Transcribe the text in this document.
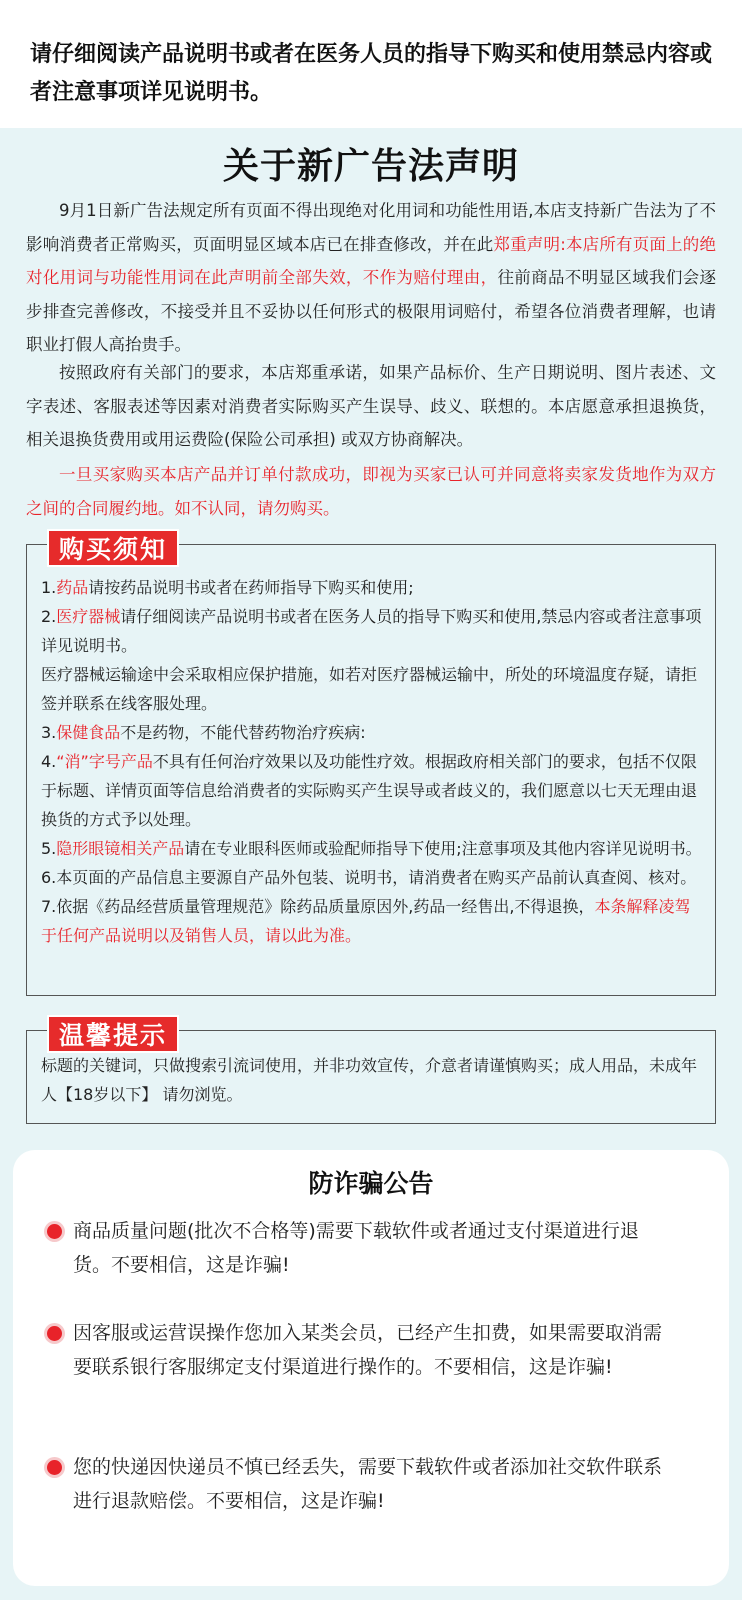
请仔细阅读产品说明书或者在医务人员的指导下购买和使用禁忌内容或者注意事项详见说明书。
关于新广告法声明
9月1日新广告法规定所有页面不得出现绝对化用词和功能性用语,本店支持新广告法为了不影响消费者正常购买，页面明显区域本店已在排查修改，并在此郑重声明:本店所有页面上的绝对化用词与功能性用词在此声明前全部失效，不作为赔付理由，往前商品不明显区域我们会逐步排查完善修改，不接受并且不妥协以任何形式的极限用词赔付，希望各位消费者理解，也请职业打假人高抬贵手。
按照政府有关部门的要求，本店郑重承诺，如果产品标价、生产日期说明、图片表述、文字表述、客服表述等因素对消费者实际购买产生误导、歧义、联想的。本店愿意承担退换货，相关退换货费用或用运费险(保险公司承担) 或双方协商解决。
一旦买家购买本店产品并订单付款成功，即视为买家已认可并同意将卖家发货地作为双方之间的合同履约地。如不认同，请勿购买。
购买须知

1.药品请按药品说明书或者在药师指导下购买和使用;

2.医疗器械请仔细阅读产品说明书或者在医务人员的指导下购买和使用,禁忌内容或者注意事项详见说明书。

医疗器械运输途中会采取相应保护措施，如若对医疗器械运输中，所处的环境温度存疑，请拒签并联系在线客服处理。

3.保健食品不是药物，不能代替药物治疗疾病:

4.“消”字号产品不具有任何治疗效果以及功能性疗效。根据政府相关部门的要求，包括不仅限于标题、详情页面等信息给消费者的实际购买产生误导或者歧义的，我们愿意以七天无理由退换货的方式予以处理。

5.隐形眼镜相关产品请在专业眼科医师或验配师指导下使用;注意事项及其他内容详见说明书。

6.本页面的产品信息主要源自产品外包装、说明书，请消费者在购买产品前认真查阅、核对。

7.依据《药品经营质量管理规范》除药品质量原因外,药品一经售出,不得退换，本条解释凌驾于任何产品说明以及销售人员，请以此为准。

温馨提示

标题的关键词，只做搜索引流词使用，并非功效宣传，介意者请谨慎购买；成人用品，未成年人【18岁以下】 请勿浏览。

防诈骗公告
商品质量问题(批次不合格等)需要下载软件或者通过支付渠道进行退货。不要相信，这是诈骗!
因客服或运营误操作您加入某类会员，已经产生扣费，如果需要取消需要联系银行客服绑定支付渠道进行操作的。不要相信，这是诈骗!
您的快递因快递员不慎已经丢失，需要下载软件或者添加社交软件联系进行退款赔偿。不要相信，这是诈骗!
